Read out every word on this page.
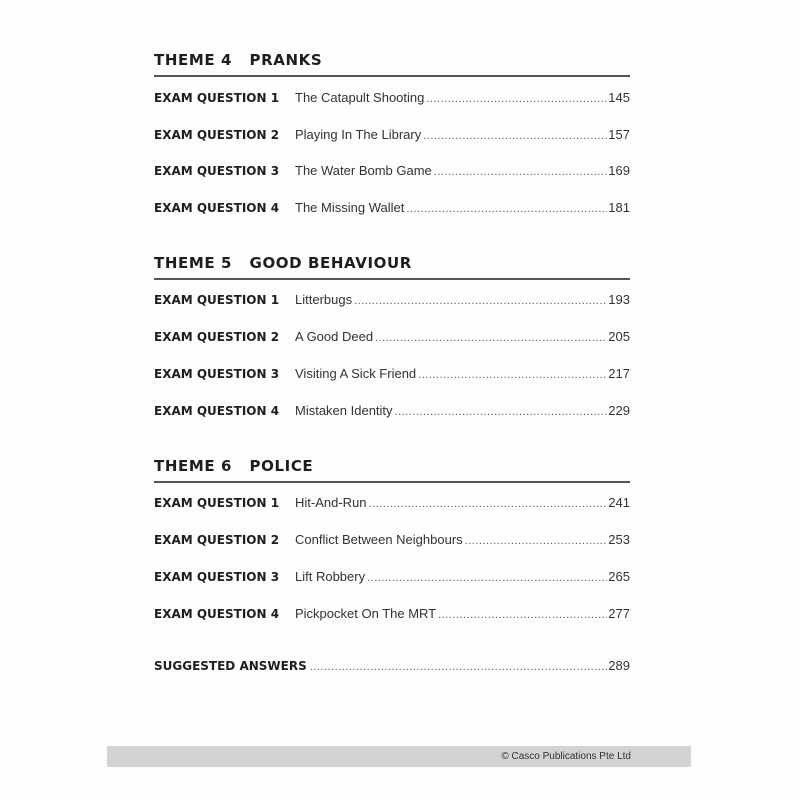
THEME 4   PRANKS
EXAM QUESTION 1	The Catapult Shooting .....	145
EXAM QUESTION 2	Playing In The Library .....	157
EXAM QUESTION 3	The Water Bomb Game .....	169
EXAM QUESTION 4	The Missing Wallet .....	181
THEME 5   GOOD BEHAVIOUR
EXAM QUESTION 1	Litterbugs .....	193
EXAM QUESTION 2	A Good Deed .....	205
EXAM QUESTION 3	Visiting A Sick Friend .....	217
EXAM QUESTION 4	Mistaken Identity .....	229
THEME 6   POLICE
EXAM QUESTION 1	Hit-And-Run .....	241
EXAM QUESTION 2	Conflict Between Neighbours .....	253
EXAM QUESTION 3	Lift Robbery .....	265
EXAM QUESTION 4	Pickpocket On The MRT .....	277
SUGGESTED ANSWERS .....	289
© Casco Publications Pte Ltd
